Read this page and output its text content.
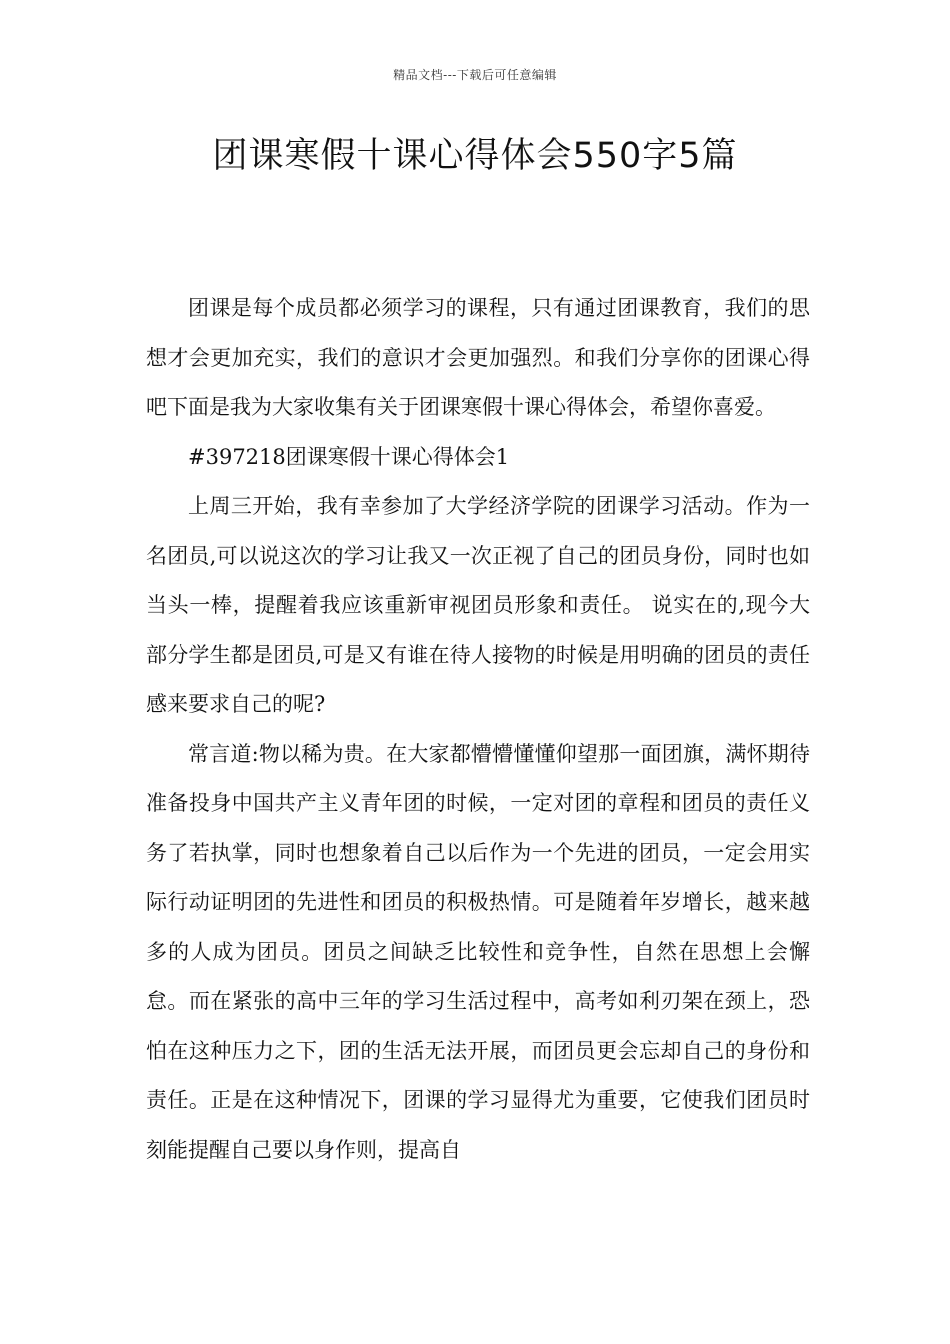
精品文档---下载后可任意编辑
团课寒假十课心得体会550字5篇

团课是每个成员都必须学习的课程，只有通过团课教育，我们的思想才会更加充实，我们的意识才会更加强烈。和我们分享你的团课心得吧下面是我为大家收集有关于团课寒假十课心得体会，希望你喜爱。

#397218团课寒假十课心得体会1

上周三开始，我有幸参加了大学经济学院的团课学习活动。作为一名团员,可以说这次的学习让我又一次正视了自己的团员身份，同时也如当头一棒，提醒着我应该重新审视团员形象和责任。 说实在的,现今大部分学生都是团员,可是又有谁在待人接物的时候是用明确的团员的责任感来要求自己的呢?

常言道:物以稀为贵。在大家都懵懵懂懂仰望那一面团旗，满怀期待准备投身中国共产主义青年团的时候，一定对团的章程和团员的责任义务了若执掌，同时也想象着自己以后作为一个先进的团员，一定会用实际行动证明团的先进性和团员的积极热情。可是随着年岁增长，越来越多的人成为团员。团员之间缺乏比较性和竞争性，自然在思想上会懈怠。而在紧张的高中三年的学习生活过程中，高考如利刃架在颈上，恐怕在这种压力之下，团的生活无法开展，而团员更会忘却自己的身份和责任。正是在这种情况下，团课的学习显得尤为重要，它使我们团员时刻能提醒自己要以身作则，提高自
